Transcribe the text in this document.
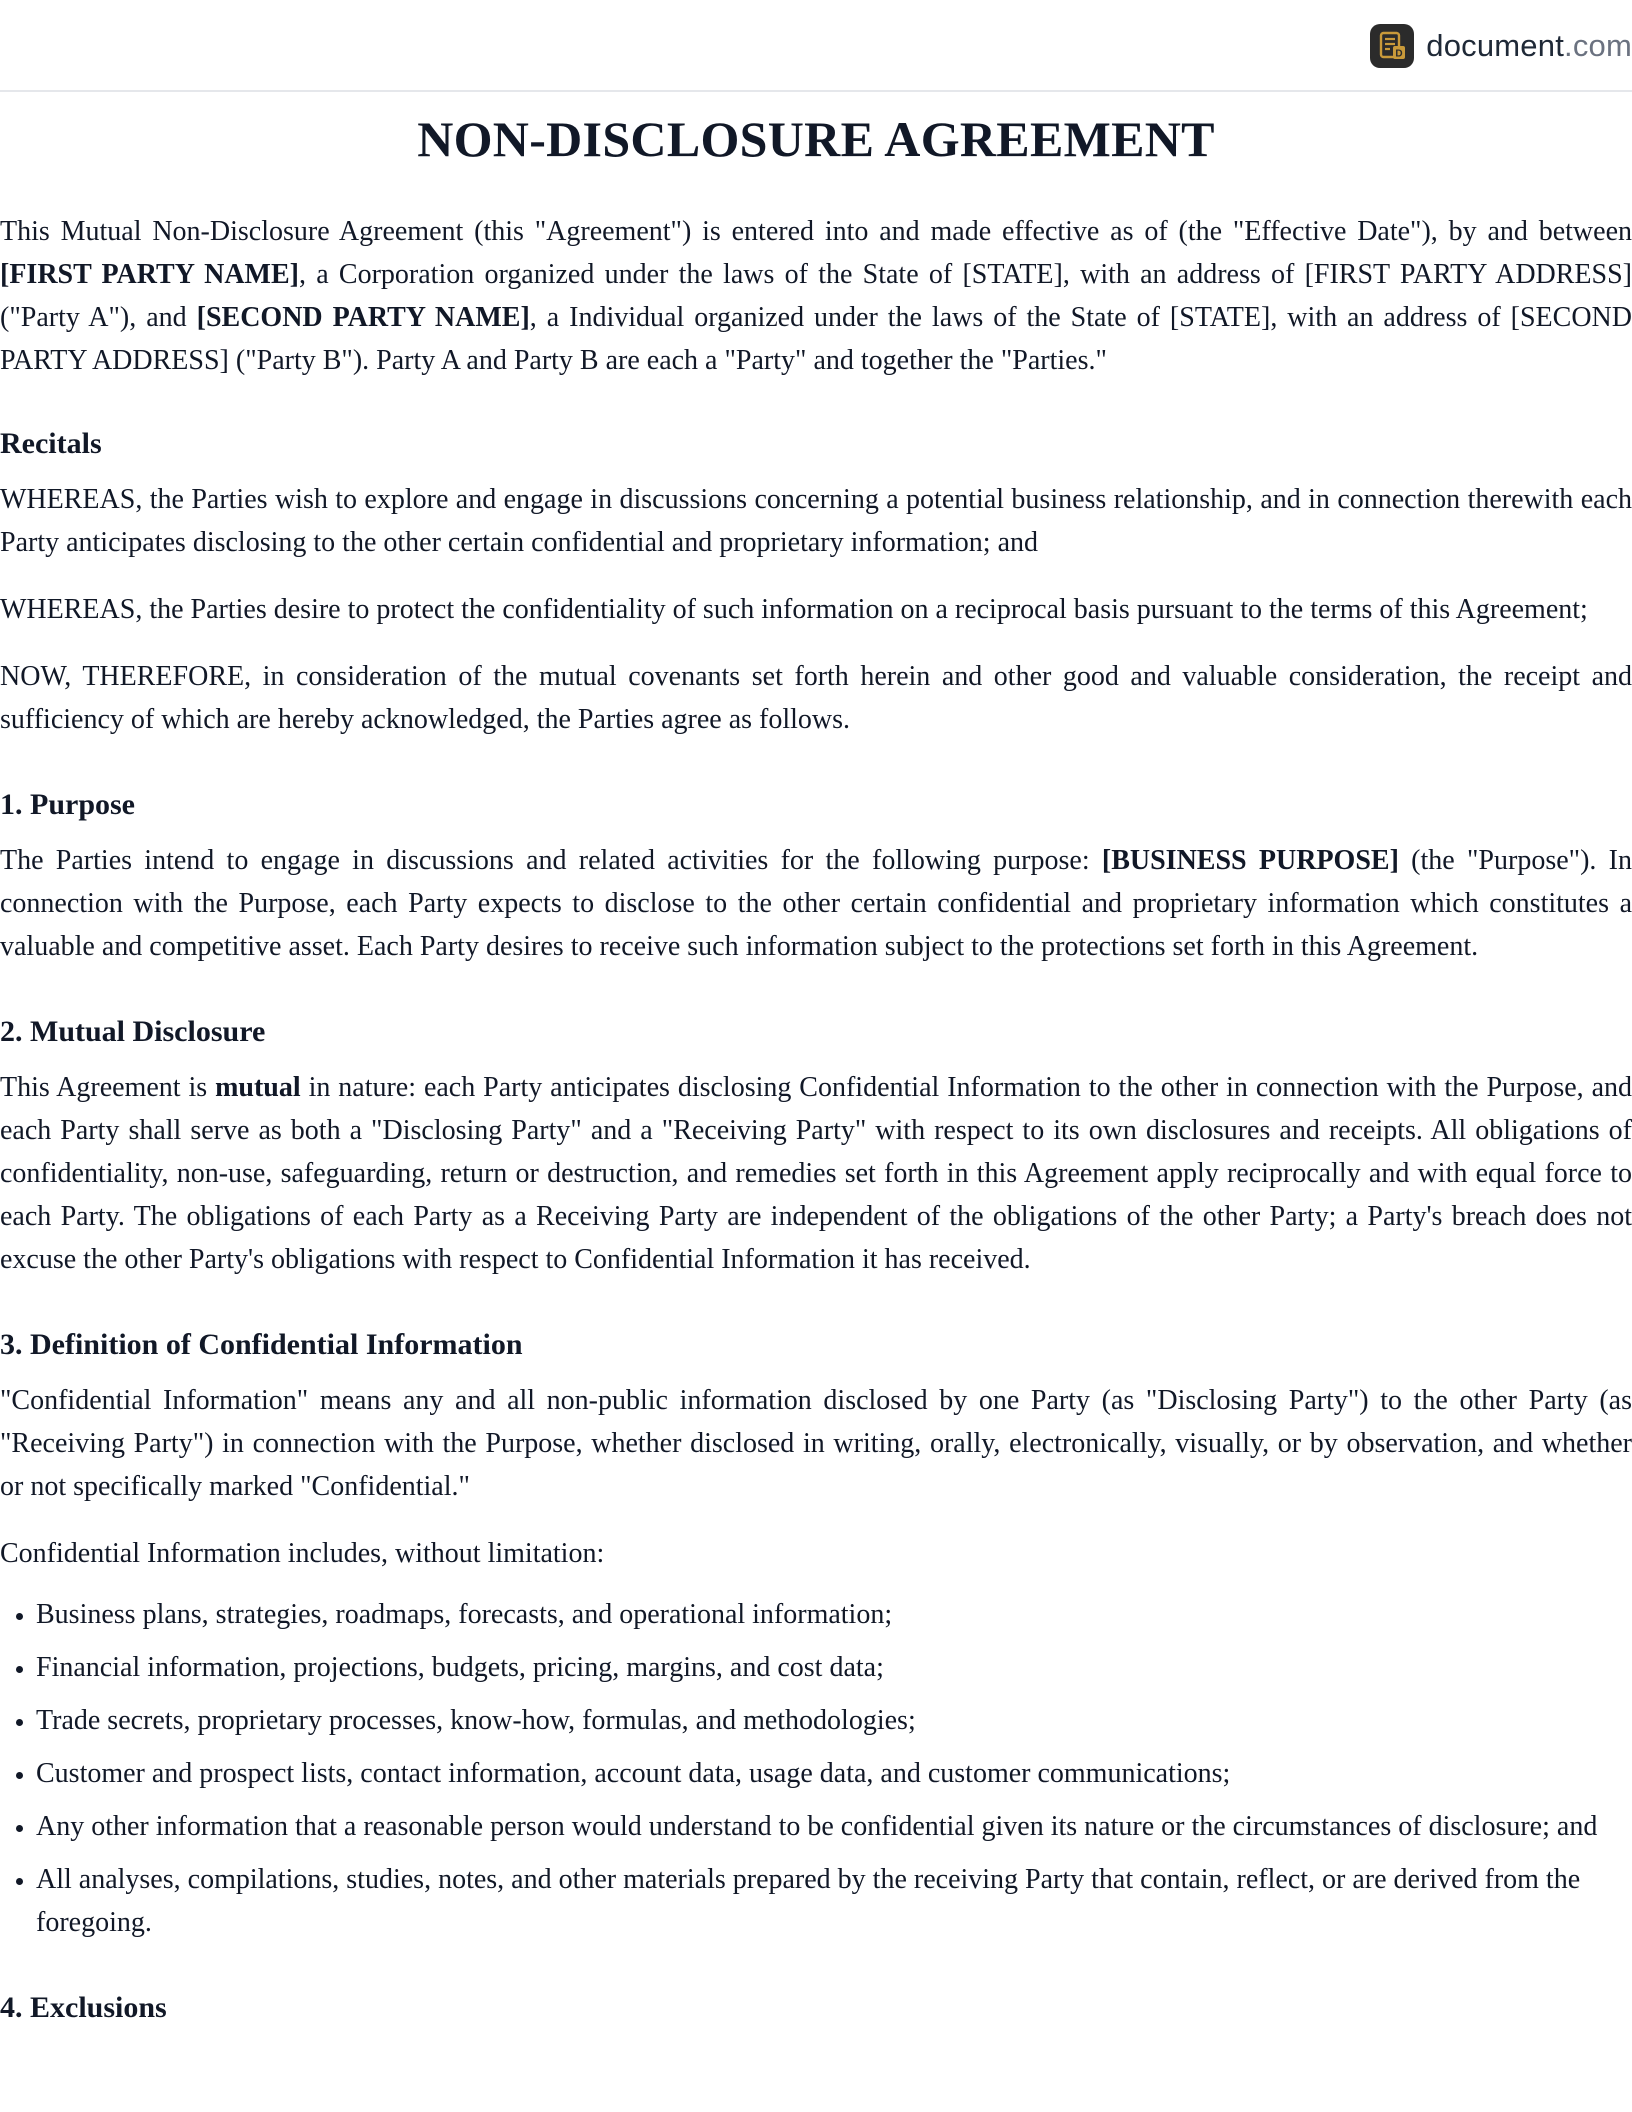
D document.com
NON-DISCLOSURE AGREEMENT

This Mutual Non-Disclosure Agreement (this "Agreement") is entered into and made effective as of (the "Effective Date"), by and between [FIRST PARTY NAME], a Corporation organized under the laws of the State of [STATE], with an address of [FIRST PARTY ADDRESS] ("Party A"), and [SECOND PARTY NAME], a Individual organized under the laws of the State of [STATE], with an address of [SECOND PARTY ADDRESS] ("Party B"). Party A and Party B are each a "Party" and together the "Parties."

Recitals

WHEREAS, the Parties wish to explore and engage in discussions concerning a potential business relationship, and in connection therewith each Party anticipates disclosing to the other certain confidential and proprietary information; and

WHEREAS, the Parties desire to protect the confidentiality of such information on a reciprocal basis pursuant to the terms of this Agreement;

NOW, THEREFORE, in consideration of the mutual covenants set forth herein and other good and valuable consideration, the receipt and sufficiency of which are hereby acknowledged, the Parties agree as follows.

1. Purpose

The Parties intend to engage in discussions and related activities for the following purpose: [BUSINESS PURPOSE] (the "Purpose"). In connection with the Purpose, each Party expects to disclose to the other certain confidential and proprietary information which constitutes a valuable and competitive asset. Each Party desires to receive such information subject to the protections set forth in this Agreement.

2. Mutual Disclosure

This Agreement is mutual in nature: each Party anticipates disclosing Confidential Information to the other in connection with the Purpose, and each Party shall serve as both a "Disclosing Party" and a "Receiving Party" with respect to its own disclosures and receipts. All obligations of confidentiality, non-use, safeguarding, return or destruction, and remedies set forth in this Agreement apply reciprocally and with equal force to each Party. The obligations of each Party as a Receiving Party are independent of the obligations of the other Party; a Party's breach does not excuse the other Party's obligations with respect to Confidential Information it has received.

3. Definition of Confidential Information

"Confidential Information" means any and all non-public information disclosed by one Party (as "Disclosing Party") to the other Party (as "Receiving Party") in connection with the Purpose, whether disclosed in writing, orally, electronically, visually, or by observation, and whether or not specifically marked "Confidential."

Confidential Information includes, without limitation:

• Business plans, strategies, roadmaps, forecasts, and operational information;
• Financial information, projections, budgets, pricing, margins, and cost data;
• Trade secrets, proprietary processes, know-how, formulas, and methodologies;
• Customer and prospect lists, contact information, account data, usage data, and customer communications;
• Any other information that a reasonable person would understand to be confidential given its nature or the circumstances of disclosure; and
• All analyses, compilations, studies, notes, and other materials prepared by the receiving Party that contain, reflect, or are derived from the foregoing.
4. Exclusions
